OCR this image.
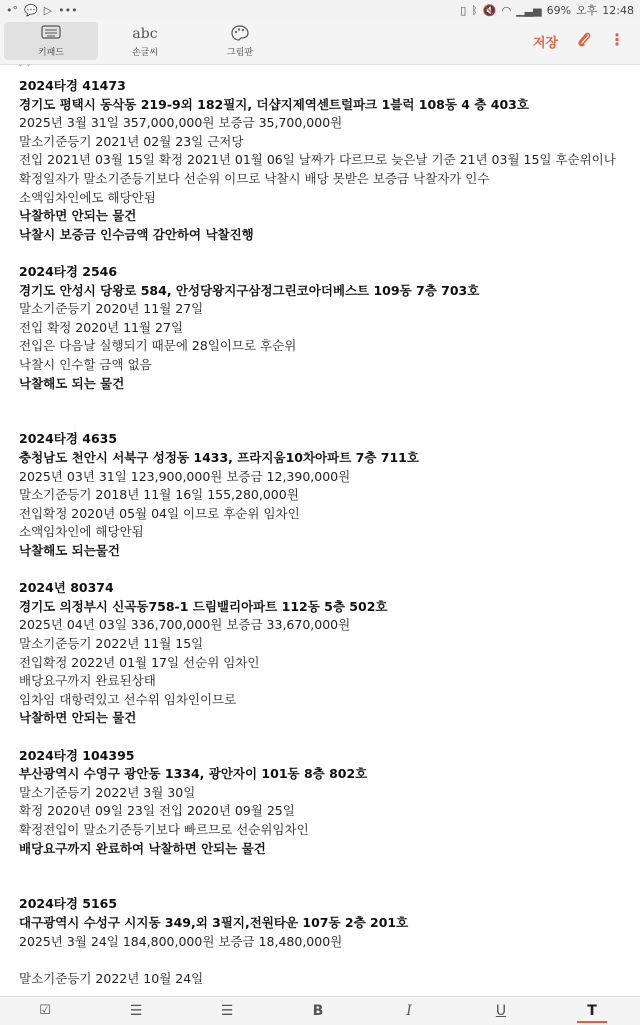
•° 💬 ▷ •••	▯ ᛒ 🔇 ◠ ▁▃▅ 69% 오후 12:48
키패드
abc
손글씨	그림판
저장	⋮
ˇ ˇ
2024타경 41473
경기도 평택시 동삭동 219-9외 182필지, 더샵지제역센트럴파크 1블럭 108동 4 층 403호
2025년 3월 31일 357,000,000원 보증금 35,700,000원
말소기준등기 2021년 02월 23일 근저당
전입 2021년 03월 15일 확정 2021년 01월 06일 날짜가 다르므로 늦은날 기준 21년 03월 15일 후순위이나
확정일자가 말소기준등기보다 선순위 이므로 낙찰시 배당 못받은 보증금 낙찰자가 인수
소액임차인에도 해당안됨
낙찰하면 안되는 물건
낙찰시 보증금 인수금액 감안하여 낙찰진행
2024타경 2546
경기도 안성시 당왕로 584, 안성당왕지구삼정그린코아더베스트 109동 7층 703호
말소기준등기 2020년 11월 27일
전입 확정 2020년 11월 27일
전입은 다음날 실행되기 때문에 28일이므로 후순위
낙찰시 인수할 금액 없음
낙찰해도 되는 물건
2024타경 4635
충청남도 천안시 서북구 성정동 1433, 프라지움10차아파트 7층 711호
2025년 03년 31일 123,900,000원 보증금 12,390,000원
말소기준등기 2018년 11월 16일 155,280,000원
전입확정 2020년 05월 04일 이므로 후순위 임차인
소액임차인에 해당안됨
낙찰해도 되는물건
2024년 80374
경기도 의정부시 신곡동758-1 드림밸리아파트 112동 5층 502호
2025년 04년 03일 336,700,000원 보증금 33,670,000원
말소기준등기 2022년 11월 15일
전입확정 2022년 01월 17일 선순위 임차인
배당요구까지 완료된상태
임차임 대항력있고 선수위 임차인이므로
낙찰하면 안되는 물건
2024타경 104395
부산광역시 수영구 광안동 1334, 광안자이 101동 8층 802호
말소기준등기 2022년 3월 30일
확정 2020년 09일 23일 전입 2020년 09월 25일
확정전입이 말소기준등기보다 빠르므로 선순위임차인
배당요구까지 완료하여 낙찰하면 안되는 물건
2024타경 5165
대구광역시 수성구 시지동 349,외 3필지,전원타운 107동 2층 201호
2025년 3월 24일 184,800,000원 보증금 18,480,000원
말소기준등기 2022년 10월 24일
☑	☰	☰	B	I	U	T
